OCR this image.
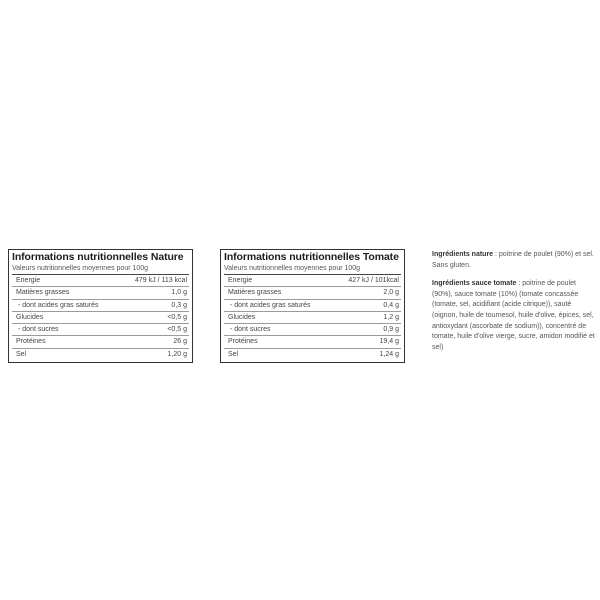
Informations nutritionnelles Nature
Valeurs nutritionnelles moyennes pour 100g
Energie	479 kJ / 113 kcal
Matières grasses	1,0 g
- dont acides gras saturés	0,3 g
Glucides	<0,5 g
- dont sucres	<0,5 g
Protéines	26 g
Sel	1,20 g
Informations nutritionnelles Tomate
Valeurs nutritionnelles moyennes pour 100g
Energie	427 kJ / 101kcal
Matières grasses	2,0 g
- dont acides gras saturés	0,4 g
Glucides	1,2 g
- dont sucres	0,9 g
Protéines	19,4 g
Sel	1,24 g

Ingrédients nature : poitrine de poulet (90%) et sel. Sans gluten.

Ingrédients sauce tomate : poitrine de poulet (90%), sauce tomate (10%) (tomate concassée (tomate, sel, acidifiant (acide citrique)), sauté (oignon, huile de tournesol, huile d'olive, épices, sel, antioxydant (ascorbate de sodium)), concentré de tomate, huile d'olive vierge, sucre, amidon modifié et sel)
